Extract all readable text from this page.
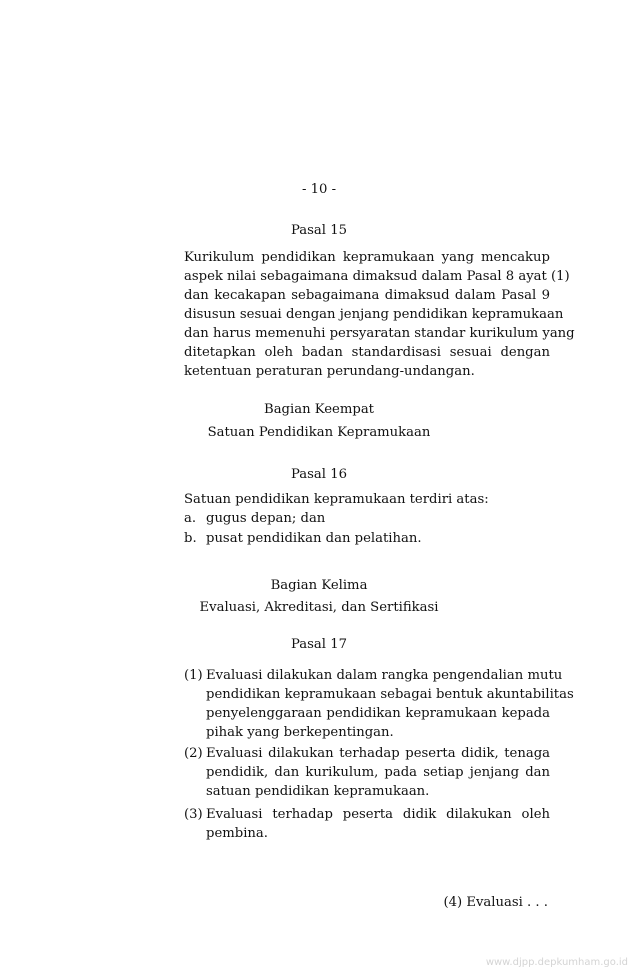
- 10 -
Pasal 15
Kurikulum pendidikan kepramukaan yang mencakup
aspek nilai sebagaimana dimaksud dalam Pasal 8 ayat (1)
dan kecakapan sebagaimana dimaksud dalam Pasal 9
disusun sesuai dengan jenjang pendidikan kepramukaan
dan harus memenuhi persyaratan standar kurikulum yang
ditetapkan oleh badan standardisasi sesuai dengan
ketentuan peraturan perundang-undangan.
Bagian Keempat
Satuan Pendidikan Kepramukaan
Pasal 16
Satuan pendidikan kepramukaan terdiri atas:
a. gugus depan; dan
b. pusat pendidikan dan pelatihan.
Bagian Kelima
Evaluasi, Akreditasi, dan Sertifikasi
Pasal 17
(1) Evaluasi dilakukan dalam rangka pengendalian mutu
pendidikan kepramukaan sebagai bentuk akuntabilitas
penyelenggaraan pendidikan kepramukaan kepada
pihak yang berkepentingan.
(2) Evaluasi dilakukan terhadap peserta didik, tenaga
pendidik, dan kurikulum, pada setiap jenjang dan
satuan pendidikan kepramukaan.
(3) Evaluasi terhadap peserta didik dilakukan oleh
pembina.
(4) Evaluasi . . .
www.djpp.depkumham.go.id
